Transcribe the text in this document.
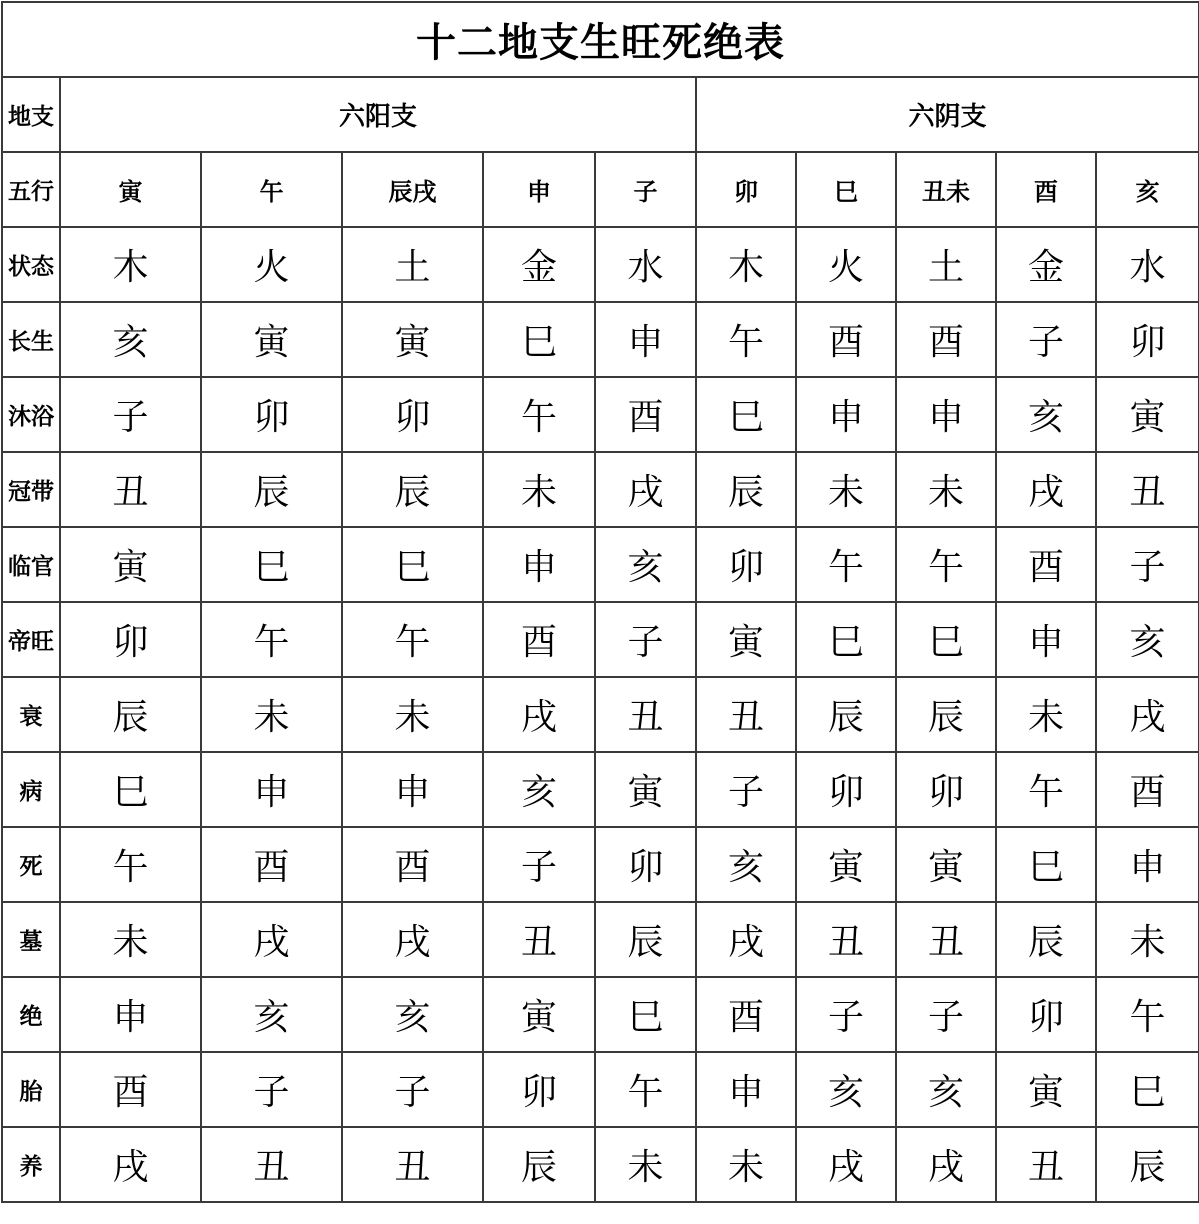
十二地支生旺死绝表										
地支	六阳支					六阴支				
五行	寅	午	辰戌	申	子	卯	巳	丑未	酉	亥
状态	木	火	土	金	水	木	火	土	金	水
长生	亥	寅	寅	巳	申	午	酉	酉	子	卯
沐浴	子	卯	卯	午	酉	巳	申	申	亥	寅
冠带	丑	辰	辰	未	戌	辰	未	未	戌	丑
临官	寅	巳	巳	申	亥	卯	午	午	酉	子
帝旺	卯	午	午	酉	子	寅	巳	巳	申	亥
衰	辰	未	未	戌	丑	丑	辰	辰	未	戌
病	巳	申	申	亥	寅	子	卯	卯	午	酉
死	午	酉	酉	子	卯	亥	寅	寅	巳	申
墓	未	戌	戌	丑	辰	戌	丑	丑	辰	未
绝	申	亥	亥	寅	巳	酉	子	子	卯	午
胎	酉	子	子	卯	午	申	亥	亥	寅	巳
养	戌	丑	丑	辰	未	未	戌	戌	丑	辰
